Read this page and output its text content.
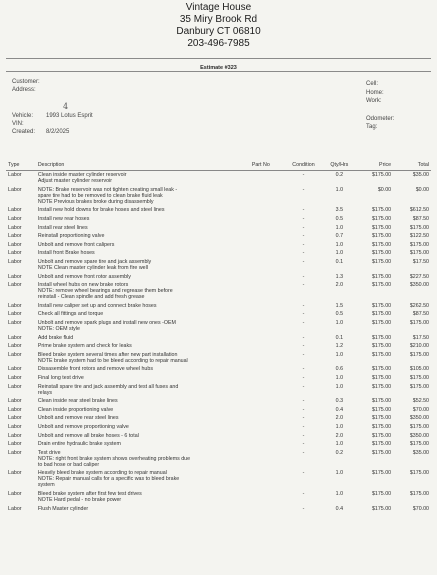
Vintage House
35 Miry Brook Rd
Danbury CT 06810
203-496-7985
Estimate #323
Customer:
Address:
Vehicle: 1993 Lotus Esprit
VIN:
Created: 8/2/2025
4
Cell:
Home:
Work:
Odometer:
Tag:
Type	Description	Part No	Condition	Qty/Hrs	Price	Total
Labor	Clean inside master cylinder reservoir
Adjust master cylinder reservoir		-	0.2	$175.00	$35.00
Labor	NOTE: Brake reservoir was not tighten creating small leak -
spare tire had to be removed to clean brake fluid leak
NOTE Previous brakes broke during disassembly		-	1.0	$0.00	$0.00
Labor	Install new hold downs for brake hoses and steel lines		-	3.5	$175.00	$612.50
Labor	Install new rear hoses		-	0.5	$175.00	$87.50
Labor	Install rear steel lines		-	1.0	$175.00	$175.00
Labor	Reinstall proportioning valve		-	0.7	$175.00	$122.50
Labor	Unbolt and remove front calipers		-	1.0	$175.00	$175.00
Labor	Install front Brake hoses		-	1.0	$175.00	$175.00
Labor	Unbolt and remove spare tire and jack assembly
NOTE Clean master cylinder leak from fire well		-	0.1	$175.00	$17.50
Labor	Unbolt and remove front rotor assembly		-	1.3	$175.00	$227.50
Labor	Install wheel hubs on new brake rotors
NOTE: remove wheel bearings and regrease them before
reinstall - Clean spindle and add fresh grease		-	2.0	$175.00	$350.00
Labor	Install new caliper set up and connect brake hoses		-	1.5	$175.00	$262.50
Labor	Check all fittings and torque		-	0.5	$175.00	$87.50
Labor	Unbolt and remove spark plugs and install new ones -OEM
NOTE: OEM style		-	1.0	$175.00	$175.00
Labor	Add brake fluid		-	0.1	$175.00	$17.50
Labor	Prime brake system and check for leaks		-	1.2	$175.00	$210.00
Labor	Bleed brake system several times after new part installation
NOTE brake system had to be bleed according to repair manual		-	1.0	$175.00	$175.00
Labor	Dissasemble front rotors and remove wheel hubs		-	0.6	$175.00	$105.00
Labor	Final long test drive		-	1.0	$175.00	$175.00
Labor	Reinstall spare tire and jack assembly and test all fuses and
relays		-	1.0	$175.00	$175.00
Labor	Clean inside rear steel brake lines		-	0.3	$175.00	$52.50
Labor	Clean inside proportioning valve		-	0.4	$175.00	$70.00
Labor	Unbolt and remove rear steel lines		-	2.0	$175.00	$350.00
Labor	Unbolt and remove proportioning valve		-	1.0	$175.00	$175.00
Labor	Unbolt and remove all brake hoses - 6 total		-	2.0	$175.00	$350.00
Labor	Drain entire hydraulic brake system		-	1.0	$175.00	$175.00
Labor	Test drive
NOTE: right front brake system shows overheating problems due
to bad hose or bad caliper		-	0.2	$175.00	$35.00
Labor	Heavily bleed brake system according to repair manual
NOTE: Repair manual calls for a specific was to bleed brake
system		-	1.0	$175.00	$175.00
Labor	Bleed brake system after first few test drives
NOTE Hard pedal - no brake power		-	1.0	$175.00	$175.00
Labor	Flush Master cylinder		-	0.4	$175.00	$70.00
